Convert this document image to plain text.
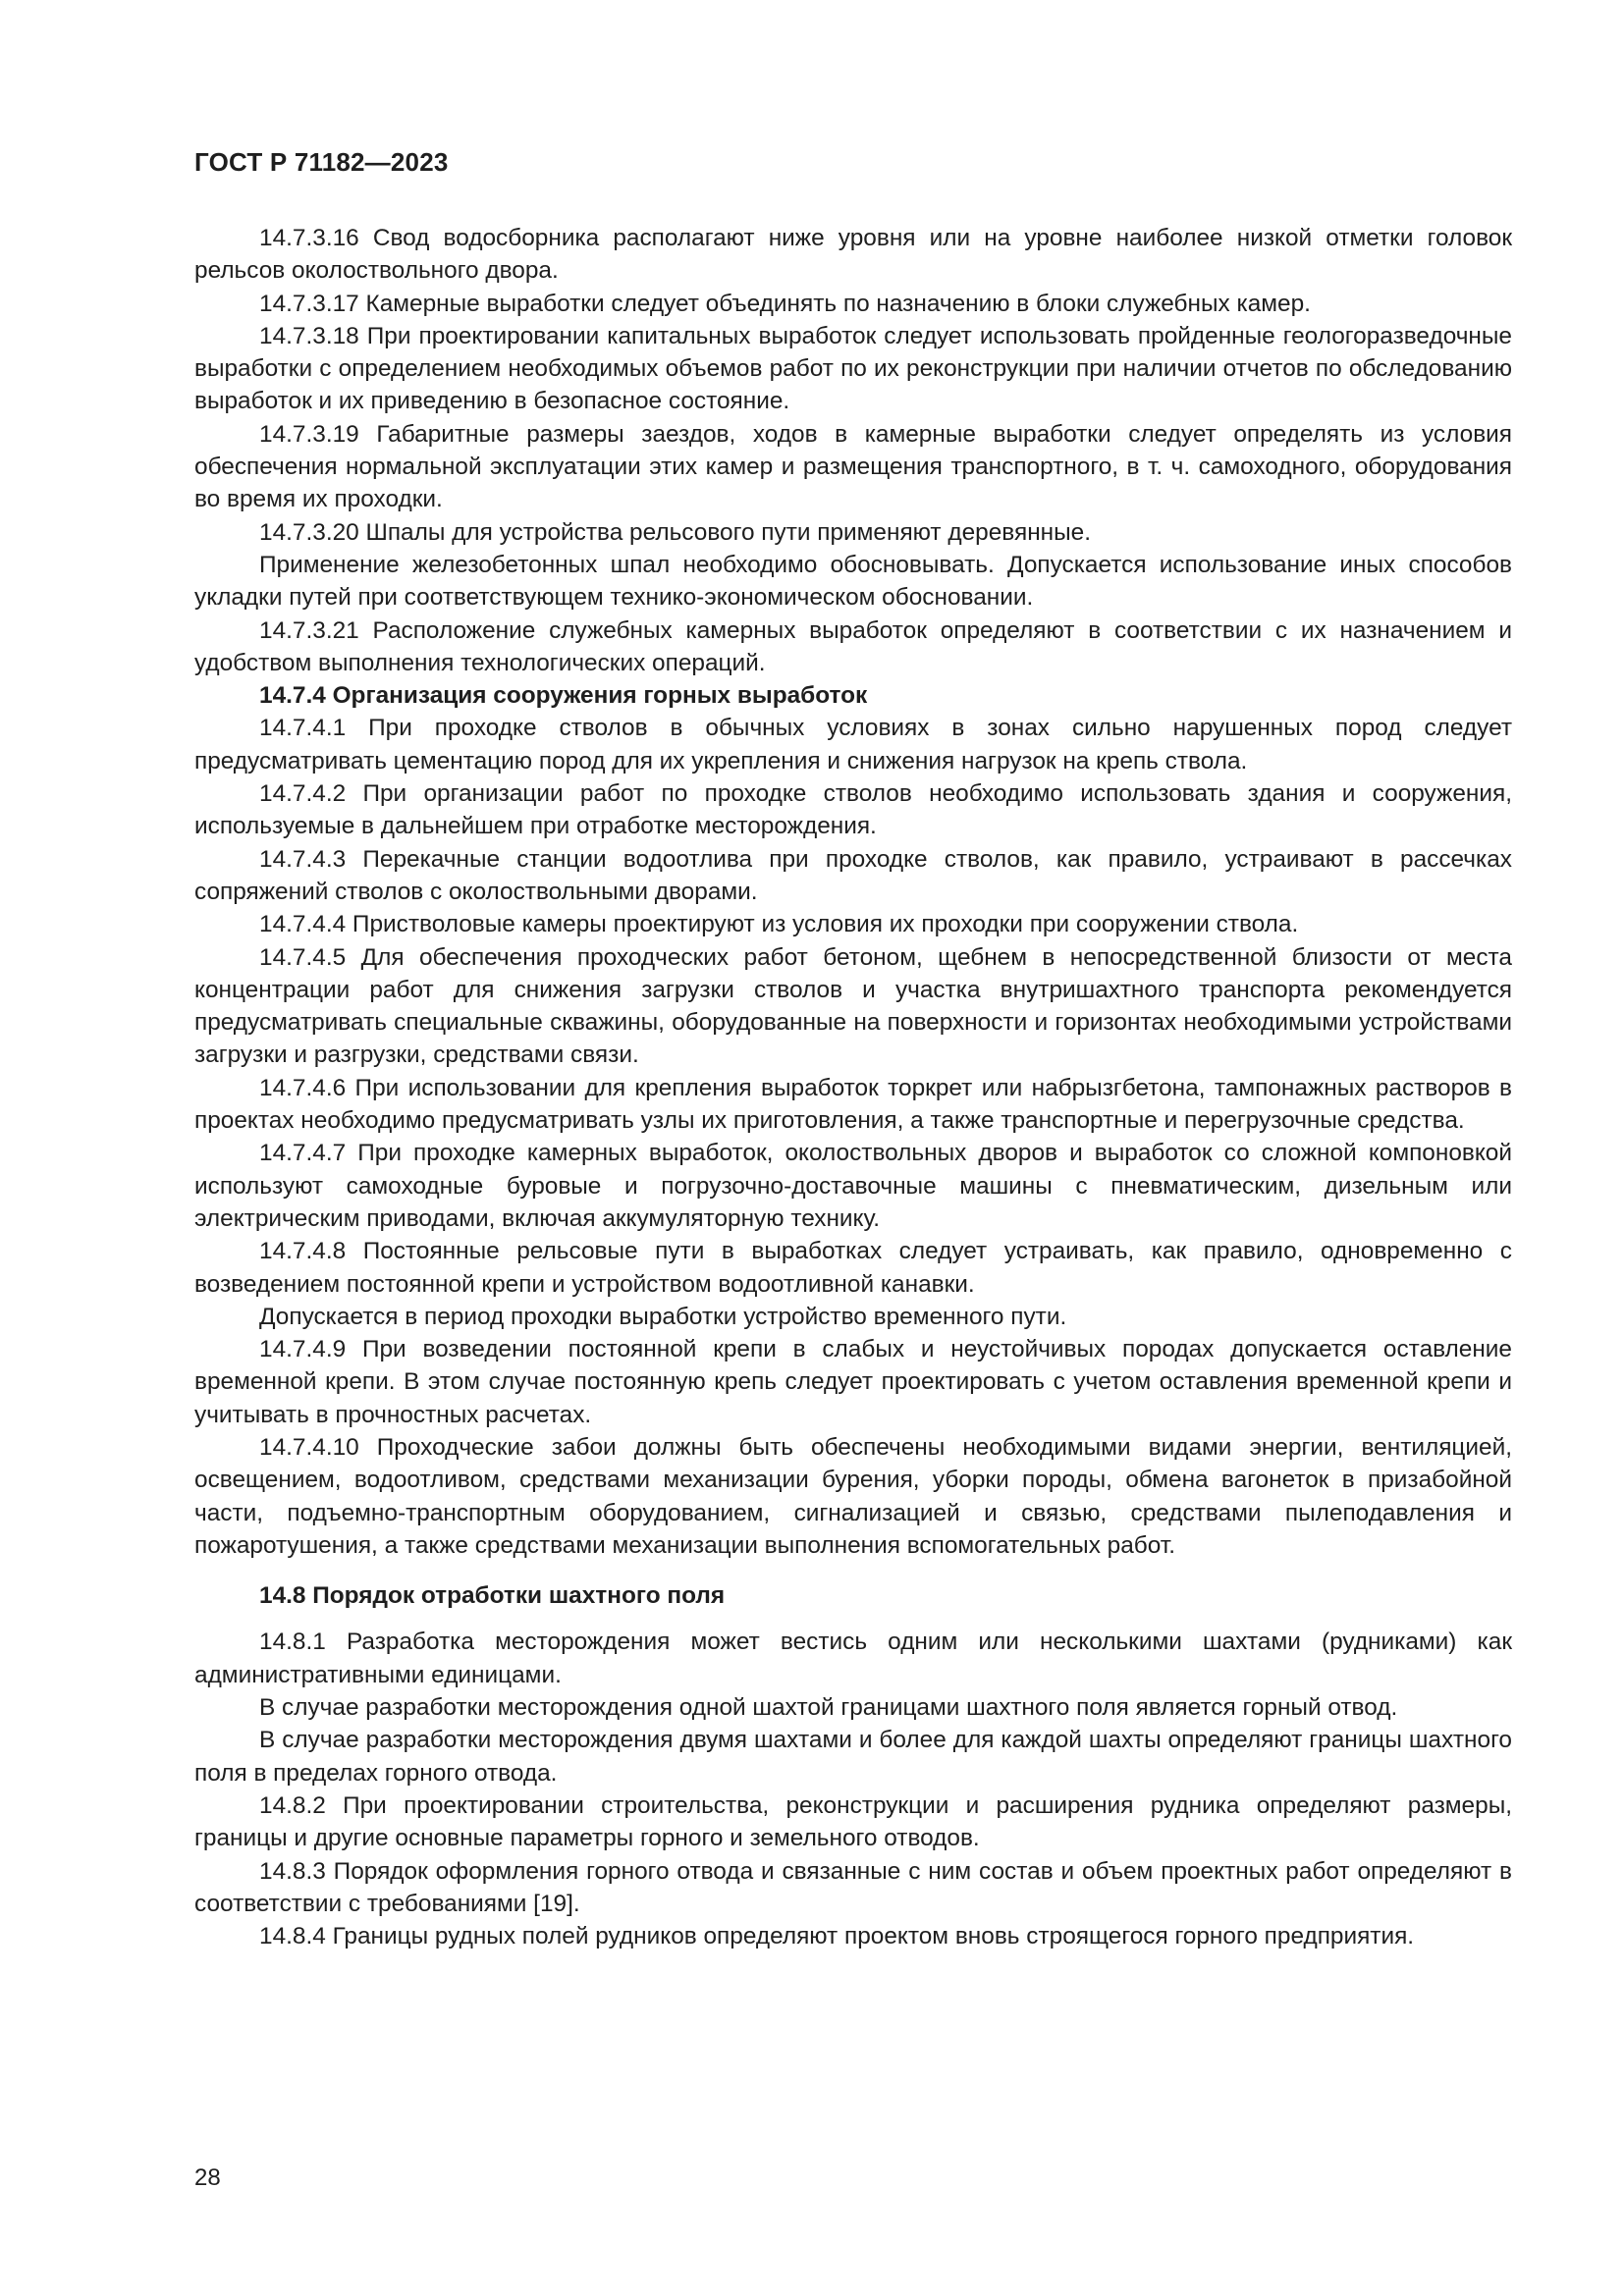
ГОСТ Р 71182—2023

14.7.3.16 Свод водосборника располагают ниже уровня или на уровне наиболее низкой отметки головок рельсов околоствольного двора.

14.7.3.17 Камерные выработки следует объединять по назначению в блоки служебных камер.

14.7.3.18 При проектировании капитальных выработок следует использовать пройденные геологоразведочные выработки с определением необходимых объемов работ по их реконструкции при наличии отчетов по обследованию выработок и их приведению в безопасное состояние.

14.7.3.19 Габаритные размеры заездов, ходов в камерные выработки следует определять из условия обеспечения нормальной эксплуатации этих камер и размещения транспортного, в т. ч. самоходного, оборудования во время их проходки.

14.7.3.20 Шпалы для устройства рельсового пути применяют деревянные.

Применение железобетонных шпал необходимо обосновывать. Допускается использование иных способов укладки путей при соответствующем технико-экономическом обосновании.

14.7.3.21 Расположение служебных камерных выработок определяют в соответствии с их назначением и удобством выполнения технологических операций.

14.7.4 Организация сооружения горных выработок

14.7.4.1 При проходке стволов в обычных условиях в зонах сильно нарушенных пород следует предусматривать цементацию пород для их укрепления и снижения нагрузок на крепь ствола.

14.7.4.2 При организации работ по проходке стволов необходимо использовать здания и сооружения, используемые в дальнейшем при отработке месторождения.

14.7.4.3 Перекачные станции водоотлива при проходке стволов, как правило, устраивают в рассечках сопряжений стволов с околоствольными дворами.

14.7.4.4 Пристволовые камеры проектируют из условия их проходки при сооружении ствола.

14.7.4.5 Для обеспечения проходческих работ бетоном, щебнем в непосредственной близости от места концентрации работ для снижения загрузки стволов и участка внутришахтного транспорта рекомендуется предусматривать специальные скважины, оборудованные на поверхности и горизонтах необходимыми устройствами загрузки и разгрузки, средствами связи.

14.7.4.6 При использовании для крепления выработок торкрет или набрызгбетона, тампонажных растворов в проектах необходимо предусматривать узлы их приготовления, а также транспортные и перегрузочные средства.

14.7.4.7 При проходке камерных выработок, околоствольных дворов и выработок со сложной компоновкой используют самоходные буровые и погрузочно-доставочные машины с пневматическим, дизельным или электрическим приводами, включая аккумуляторную технику.

14.7.4.8 Постоянные рельсовые пути в выработках следует устраивать, как правило, одновременно с возведением постоянной крепи и устройством водоотливной канавки.

Допускается в период проходки выработки устройство временного пути.

14.7.4.9 При возведении постоянной крепи в слабых и неустойчивых породах допускается оставление временной крепи. В этом случае постоянную крепь следует проектировать с учетом оставления временной крепи и учитывать в прочностных расчетах.

14.7.4.10 Проходческие забои должны быть обеспечены необходимыми видами энергии, вентиляцией, освещением, водоотливом, средствами механизации бурения, уборки породы, обмена вагонеток в призабойной части, подъемно-транспортным оборудованием, сигнализацией и связью, средствами пылеподавления и пожаротушения, а также средствами механизации выполнения вспомогательных работ.

14.8 Порядок отработки шахтного поля

14.8.1 Разработка месторождения может вестись одним или несколькими шахтами (рудниками) как административными единицами.

В случае разработки месторождения одной шахтой границами шахтного поля является горный отвод.

В случае разработки месторождения двумя шахтами и более для каждой шахты определяют границы шахтного поля в пределах горного отвода.

14.8.2 При проектировании строительства, реконструкции и расширения рудника определяют размеры, границы и другие основные параметры горного и земельного отводов.

14.8.3 Порядок оформления горного отвода и связанные с ним состав и объем проектных работ определяют в соответствии с требованиями [19].

14.8.4 Границы рудных полей рудников определяют проектом вновь строящегося горного предприятия.

28
